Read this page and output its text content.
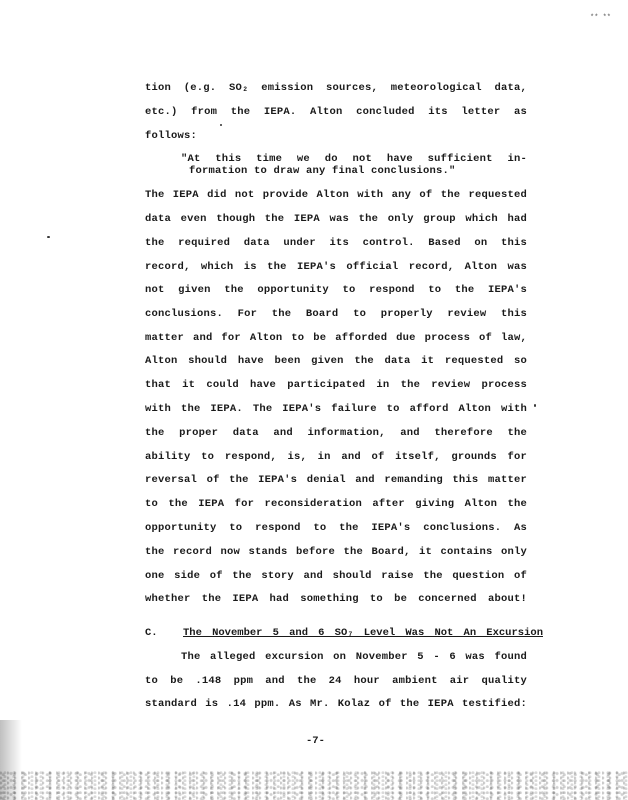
** **
tion (e.g. SO₂ emission sources, meteorological data,
etc.) from the IEPA. Alton concluded its letter as
follows:
"At this time we do not have sufficient in-
formation to draw any final conclusions."
The IEPA did not provide Alton with any of the requested
data even though the IEPA was the only group which had
the required data under its control. Based on this
record, which is the IEPA's official record, Alton was
not given the opportunity to respond to the IEPA's
conclusions. For the Board to properly review this
matter and for Alton to be afforded due process of law,
Alton should have been given the data it requested so
that it could have participated in the review process
with the IEPA. The IEPA's failure to afford Alton with
the proper data and information, and therefore the
ability to respond, is, in and of itself, grounds for
reversal of the IEPA's denial and remanding this matter
to the IEPA for reconsideration after giving Alton the
opportunity to respond to the IEPA's conclusions. As
the record now stands before the Board, it contains only
one side of the story and should raise the question of
whether the IEPA had something to be concerned about!
C. The November 5 and 6 SO₇ Level Was Not An Excursion
The alleged excursion on November 5 - 6 was found
to be .148 ppm and the 24 hour ambient air quality
standard is .14 ppm. As Mr. Kolaz of the IEPA testified:
-7-
